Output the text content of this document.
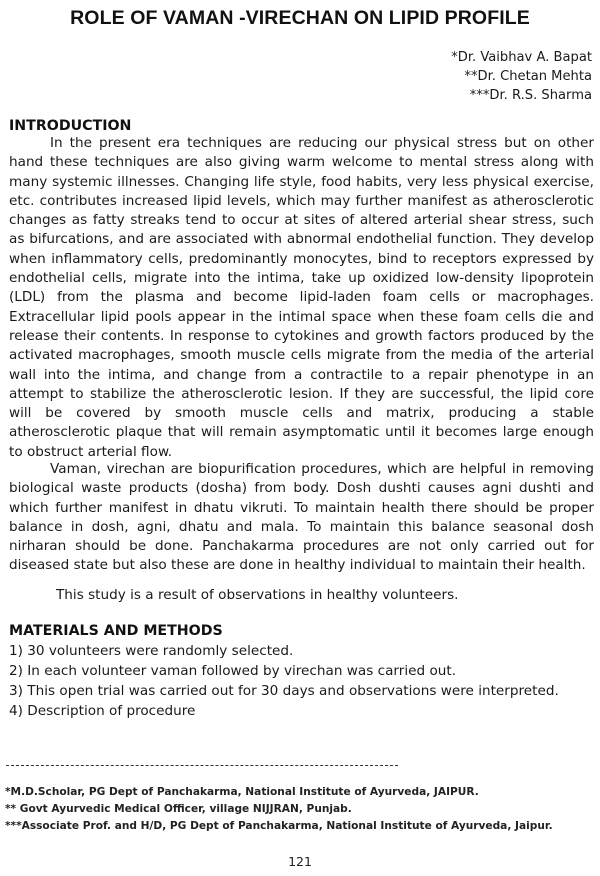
ROLE OF VAMAN -VIRECHAN ON LIPID PROFILE
*Dr. Vaibhav A. Bapat
**Dr. Chetan Mehta
***Dr. R.S. Sharma
INTRODUCTION

In the present era techniques are reducing our physical stress but on other hand these techniques are also giving warm welcome to mental stress along with many systemic illnesses. Changing life style, food habits, very less physical exercise, etc. contributes increased lipid levels, which may further manifest as atherosclerotic changes as fatty streaks tend to occur at sites of altered arterial shear stress, such as bifurcations, and are associated with abnormal endothelial function. They develop when inflammatory cells, predominantly monocytes, bind to receptors expressed by endothelial cells, migrate into the intima, take up oxidized low-density lipoprotein (LDL) from the plasma and become lipid-laden foam cells or macrophages. Extracellular lipid pools appear in the intimal space when these foam cells die and release their contents. In response to cytokines and growth factors produced by the activated macrophages, smooth muscle cells migrate from the media of the arterial wall into the intima, and change from a contractile to a repair phenotype in an attempt to stabilize the atherosclerotic lesion. If they are successful, the lipid core will be covered by smooth muscle cells and matrix, producing a stable atherosclerotic plaque that will remain asymptomatic until it becomes large enough to obstruct arterial flow.

Vaman, virechan are biopurification procedures, which are helpful in removing biological waste products (dosha) from body. Dosh dushti causes agni dushti and which further manifest in dhatu vikruti. To maintain health there should be proper balance in dosh, agni, dhatu and mala. To maintain this balance seasonal dosh nirharan should be done. Panchakarma procedures are not only carried out for diseased state but also these are done in healthy individual to maintain their health.

This study is a result of observations in healthy volunteers.
MATERIALS AND METHODS
1) 30 volunteers were randomly selected.
2) In each volunteer vaman followed by virechan was carried out.
3) This open trial was carried out for 30 days and observations were interpreted.
4) Description of procedure
*M.D.Scholar, PG Dept of Panchakarma, National Institute of Ayurveda, JAIPUR.
** Govt Ayurvedic Medical Officer, village NIJJRAN, Punjab.
***Associate Prof. and H/D, PG Dept of Panchakarma, National Institute of Ayurveda, Jaipur.
121
